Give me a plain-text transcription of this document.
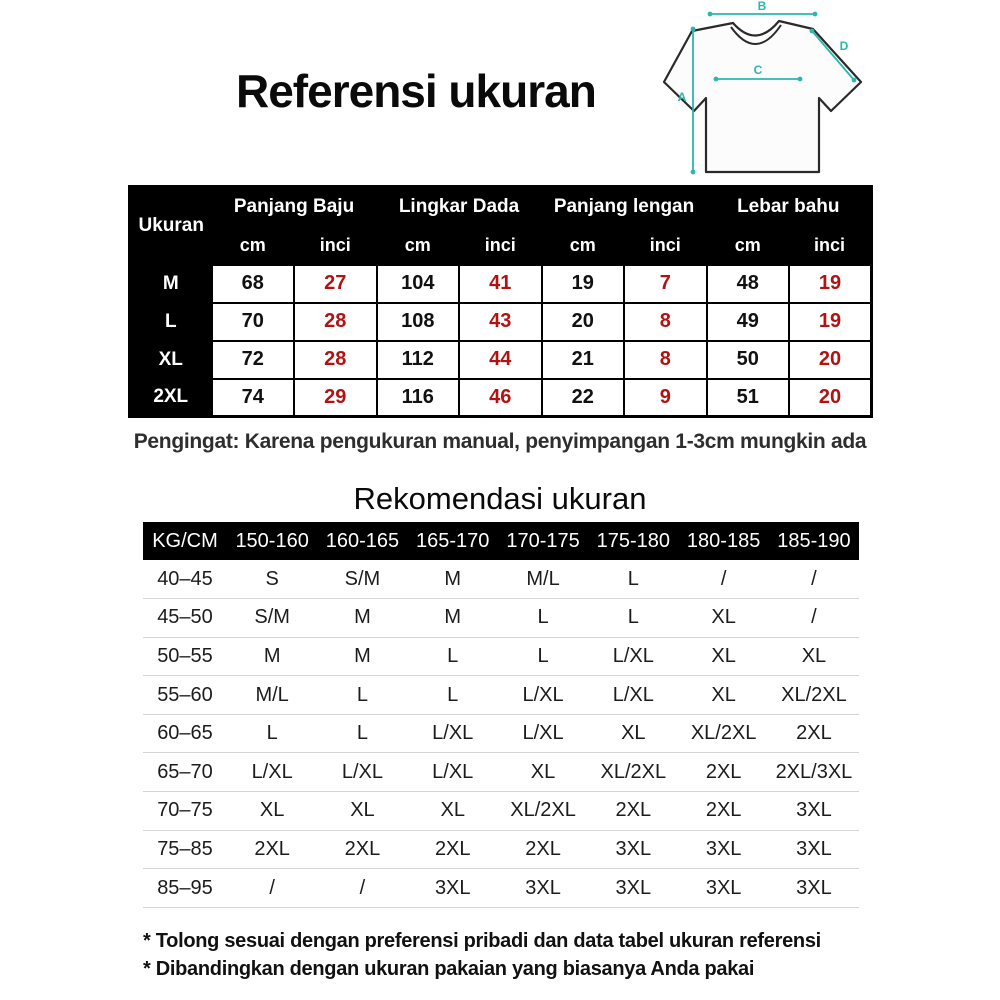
Referensi ukuran
B
A
C
D
Ukuran	Panjang Baju		Lingkar Dada		Panjang lengan		Lebar bahu	
	cm	inci	cm	inci	cm	inci	cm	inci
M	68	27	104	41	19	7	48	19
L	70	28	108	43	20	8	49	19
XL	72	28	112	44	21	8	50	20
2XL	74	29	116	46	22	9	51	20

Pengingat: Karena pengukuran manual, penyimpangan 1-3cm mungkin ada

Rekomendasi ukuran
KG/CM	150-160	160-165	165-170	170-175	175-180	180-185	185-190
40–45	S	S/M	M	M/L	L	/	/
45–50	S/M	M	M	L	L	XL	/
50–55	M	M	L	L	L/XL	XL	XL
55–60	M/L	L	L	L/XL	L/XL	XL	XL/2XL
60–65	L	L	L/XL	L/XL	XL	XL/2XL	2XL
65–70	L/XL	L/XL	L/XL	XL	XL/2XL	2XL	2XL/3XL
70–75	XL	XL	XL	XL/2XL	2XL	2XL	3XL
75–85	2XL	2XL	2XL	2XL	3XL	3XL	3XL
85–95	/	/	3XL	3XL	3XL	3XL	3XL

* Tolong sesuai dengan preferensi pribadi dan data tabel ukuran referensi

* Dibandingkan dengan ukuran pakaian yang biasanya Anda pakai
